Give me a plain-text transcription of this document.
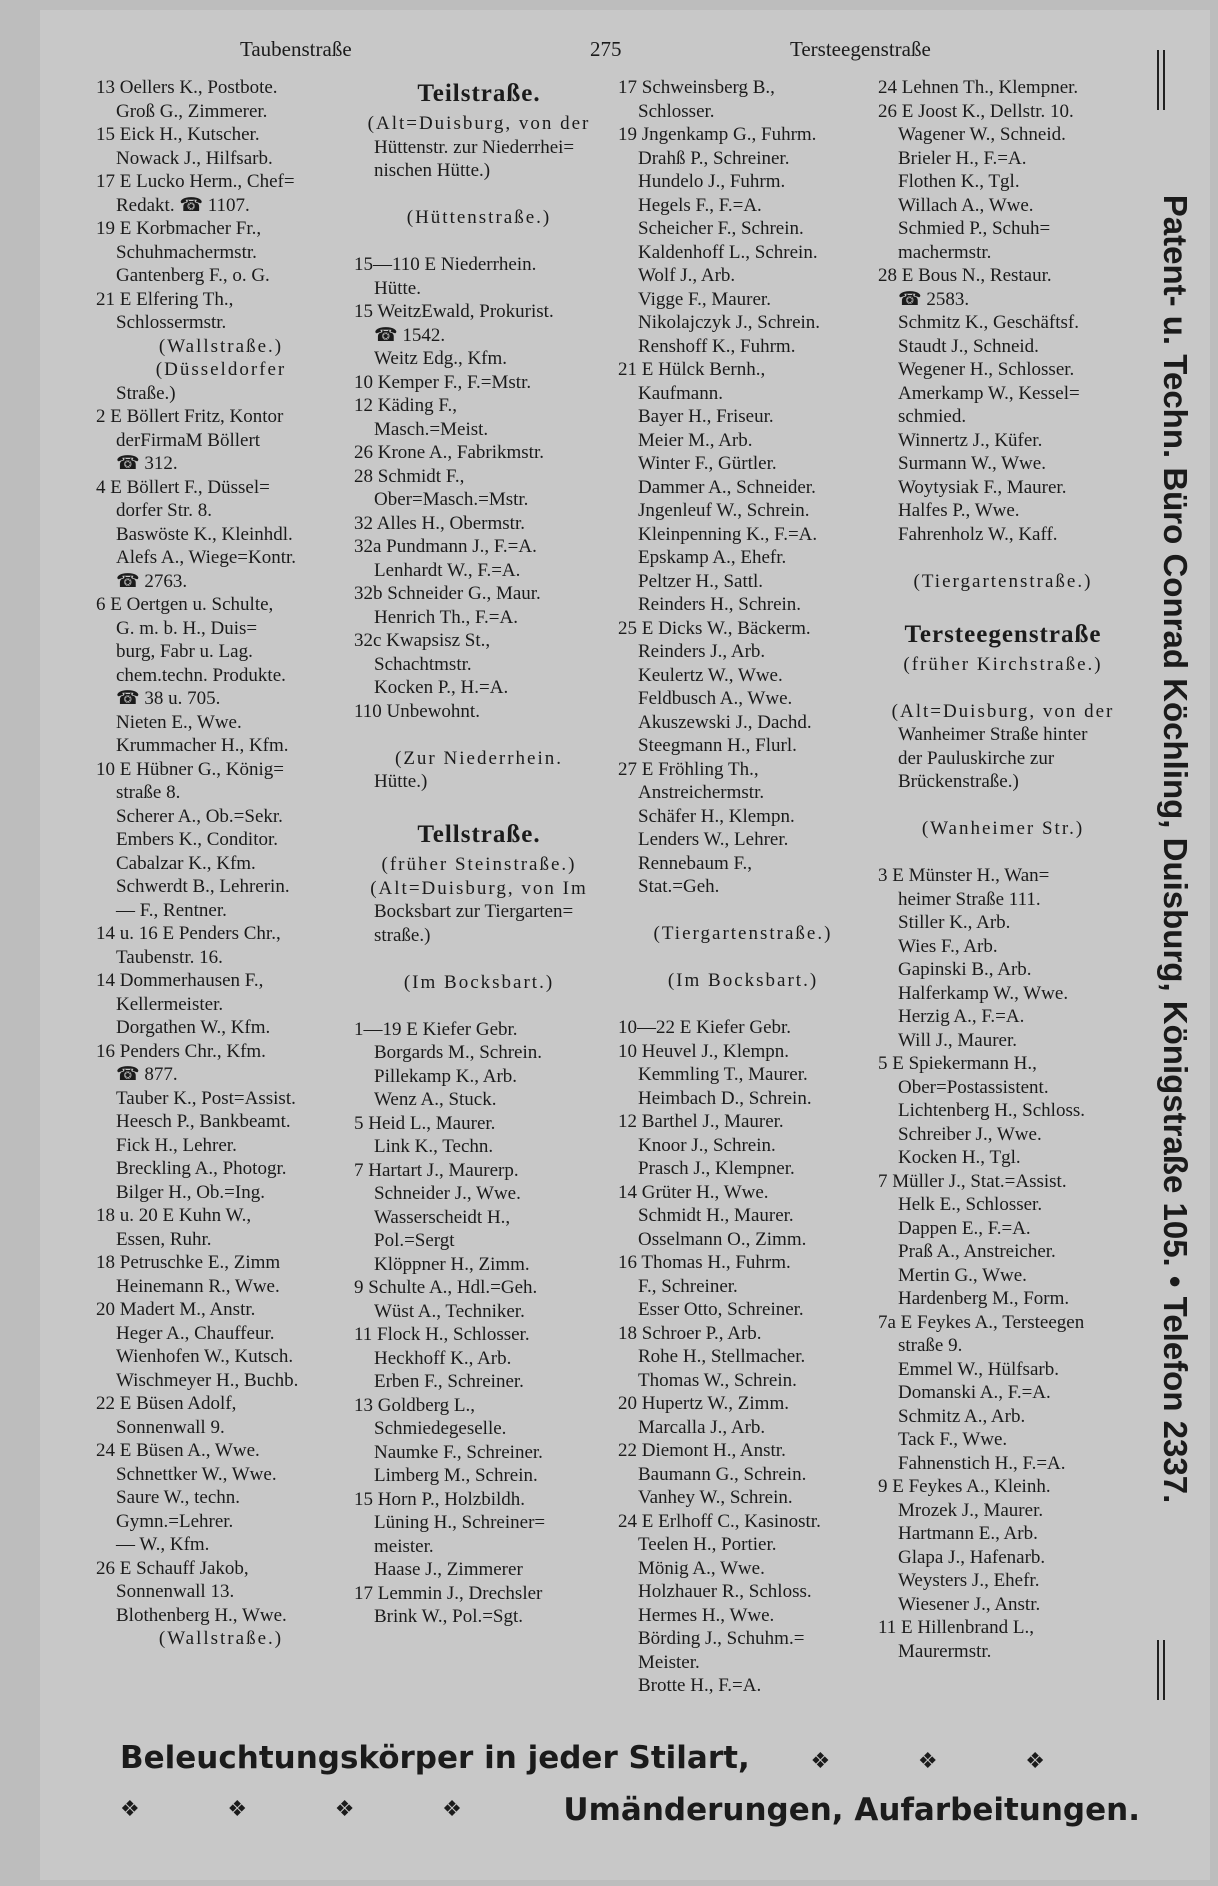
Taubenstraße	275	Tersteegenstraße
13 Oellers K., Postbote.
Groß G., Zimmerer.
15 Eick H., Kutscher.
Nowack J., Hilfsarb.
17 E Lucko Herm., Chef=
Redakt. ☎ 1107.
19 E Korbmacher Fr.,
Schuhmachermstr.
Gantenberg F., o. G.
21 E Elfering Th.,
Schlossermstr.
(Wallstraße.)
(Düsseldorfer
Straße.)
2 E Böllert Fritz, Kontor
derFirmaM Böllert
☎ 312.
4 E Böllert F., Düssel=
dorfer Str. 8.
Baswöste K., Kleinhdl.
Alefs A., Wiege=Kontr.
☎ 2763.
6 E Oertgen u. Schulte,
G. m. b. H., Duis=
burg, Fabr u. Lag.
chem.techn. Produkte.
☎ 38 u. 705.
Nieten E., Wwe.
Krummacher H., Kfm.
10 E Hübner G., König=
straße 8.
Scherer A., Ob.=Sekr.
Embers K., Conditor.
Cabalzar K., Kfm.
Schwerdt B., Lehrerin.
— F., Rentner.
14 u. 16 E Penders Chr.,
Taubenstr. 16.
14 Dommerhausen F.,
Kellermeister.
Dorgathen W., Kfm.
16 Penders Chr., Kfm.
☎ 877.
Tauber K., Post=Assist.
Heesch P., Bankbeamt.
Fick H., Lehrer.
Breckling A., Photogr.
Bilger H., Ob.=Ing.
18 u. 20 E Kuhn W.,
Essen, Ruhr.
18 Petruschke E., Zimm
Heinemann R., Wwe.
20 Madert M., Anstr.
Heger A., Chauffeur.
Wienhofen W., Kutsch.
Wischmeyer H., Buchb.
22 E Büsen Adolf,
Sonnenwall 9.
24 E Büsen A., Wwe.
Schnettker W., Wwe.
Saure W., techn.
Gymn.=Lehrer.
— W., Kfm.
26 E Schauff Jakob,
Sonnenwall 13.
Blothenberg H., Wwe.
(Wallstraße.)
Teilstraße.
(Alt=Duisburg, von der
Hüttenstr. zur Niederrhei=
nischen Hütte.)
(Hüttenstraße.)
15—110 E Niederrhein.
Hütte.
15 WeitzEwald, Prokurist.
☎ 1542.
Weitz Edg., Kfm.
10 Kemper F., F.=Mstr.
12 Käding F.,
Masch.=Meist.
26 Krone A., Fabrikmstr.
28 Schmidt F.,
Ober=Masch.=Mstr.
32 Alles H., Obermstr.
32a Pundmann J., F.=A.
Lenhardt W., F.=A.
32b Schneider G., Maur.
Henrich Th., F.=A.
32c Kwapsisz St.,
Schachtmstr.
Kocken P., H.=A.
110 Unbewohnt.
(Zur Niederrhein.
Hütte.)
Tellstraße.
(früher Steinstraße.)
(Alt=Duisburg, von Im
Bocksbart zur Tiergarten=
straße.)
(Im Bocksbart.)
1—19 E Kiefer Gebr.
Borgards M., Schrein.
Pillekamp K., Arb.
Wenz A., Stuck.
5 Heid L., Maurer.
Link K., Techn.
7 Hartart J., Maurerp.
Schneider J., Wwe.
Wasserscheidt H.,
Pol.=Sergt
Klöppner H., Zimm.
9 Schulte A., Hdl.=Geh.
Wüst A., Techniker.
11 Flock H., Schlosser.
Heckhoff K., Arb.
Erben F., Schreiner.
13 Goldberg L.,
Schmiedegeselle.
Naumke F., Schreiner.
Limberg M., Schrein.
15 Horn P., Holzbildh.
Lüning H., Schreiner=
meister.
Haase J., Zimmerer
17 Lemmin J., Drechsler
Brink W., Pol.=Sgt.
17 Schweinsberg B.,
Schlosser.
19 Jngenkamp G., Fuhrm.
Drahß P., Schreiner.
Hundelo J., Fuhrm.
Hegels F., F.=A.
Scheicher F., Schrein.
Kaldenhoff L., Schrein.
Wolf J., Arb.
Vigge F., Maurer.
Nikolajczyk J., Schrein.
Renshoff K., Fuhrm.
21 E Hülck Bernh.,
Kaufmann.
Bayer H., Friseur.
Meier M., Arb.
Winter F., Gürtler.
Dammer A., Schneider.
Jngenleuf W., Schrein.
Kleinpenning K., F.=A.
Epskamp A., Ehefr.
Peltzer H., Sattl.
Reinders H., Schrein.
25 E Dicks W., Bäckerm.
Reinders J., Arb.
Keulertz W., Wwe.
Feldbusch A., Wwe.
Akuszewski J., Dachd.
Steegmann H., Flurl.
27 E Fröhling Th.,
Anstreichermstr.
Schäfer H., Klempn.
Lenders W., Lehrer.
Rennebaum F.,
Stat.=Geh.
(Tiergartenstraße.)
(Im Bocksbart.)
10—22 E Kiefer Gebr.
10 Heuvel J., Klempn.
Kemmling T., Maurer.
Heimbach D., Schrein.
12 Barthel J., Maurer.
Knoor J., Schrein.
Prasch J., Klempner.
14 Grüter H., Wwe.
Schmidt H., Maurer.
Osselmann O., Zimm.
16 Thomas H., Fuhrm.
F., Schreiner.
Esser Otto, Schreiner.
18 Schroer P., Arb.
Rohe H., Stellmacher.
Thomas W., Schrein.
20 Hupertz W., Zimm.
Marcalla J., Arb.
22 Diemont H., Anstr.
Baumann G., Schrein.
Vanhey W., Schrein.
24 E Erlhoff C., Kasinostr.
Teelen H., Portier.
Mönig A., Wwe.
Holzhauer R., Schloss.
Hermes H., Wwe.
Börding J., Schuhm.=
Meister.
Brotte H., F.=A.
24 Lehnen Th., Klempner.
26 E Joost K., Dellstr. 10.
Wagener W., Schneid.
Brieler H., F.=A.
Flothen K., Tgl.
Willach A., Wwe.
Schmied P., Schuh=
machermstr.
28 E Bous N., Restaur.
☎ 2583.
Schmitz K., Geschäftsf.
Staudt J., Schneid.
Wegener H., Schlosser.
Amerkamp W., Kessel=
schmied.
Winnertz J., Küfer.
Surmann W., Wwe.
Woytysiak F., Maurer.
Halfes P., Wwe.
Fahrenholz W., Kaff.
(Tiergartenstraße.)
Tersteegenstraße
(früher Kirchstraße.)
(Alt=Duisburg, von der
Wanheimer Straße hinter
der Pauluskirche zur
Brückenstraße.)
(Wanheimer Str.)
3 E Münster H., Wan=
heimer Straße 111.
Stiller K., Arb.
Wies F., Arb.
Gapinski B., Arb.
Halferkamp W., Wwe.
Herzig A., F.=A.
Will J., Maurer.
5 E Spiekermann H.,
Ober=Postassistent.
Lichtenberg H., Schloss.
Schreiber J., Wwe.
Kocken H., Tgl.
7 Müller J., Stat.=Assist.
Helk E., Schlosser.
Dappen E., F.=A.
Praß A., Anstreicher.
Mertin G., Wwe.
Hardenberg M., Form.
7a E Feykes A., Tersteegen
straße 9.
Emmel W., Hülfsarb.
Domanski A., F.=A.
Schmitz A., Arb.
Tack F., Wwe.
Fahnenstich H., F.=A.
9 E Feykes A., Kleinh.
Mrozek J., Maurer.
Hartmann E., Arb.
Glapa J., Hafenarb.
Weysters J., Ehefr.
Wiesener J., Anstr.
11 E Hillenbrand L.,
Maurermstr.
Patent- u. Techn. Büro Conrad Köchling, Duisburg, Königstraße 105. • Telefon 2337.
Beleuchtungskörper in jeder Stilart,	❖ ❖ ❖
❖ ❖ ❖ ❖ Umänderungen, Aufarbeitungen.
